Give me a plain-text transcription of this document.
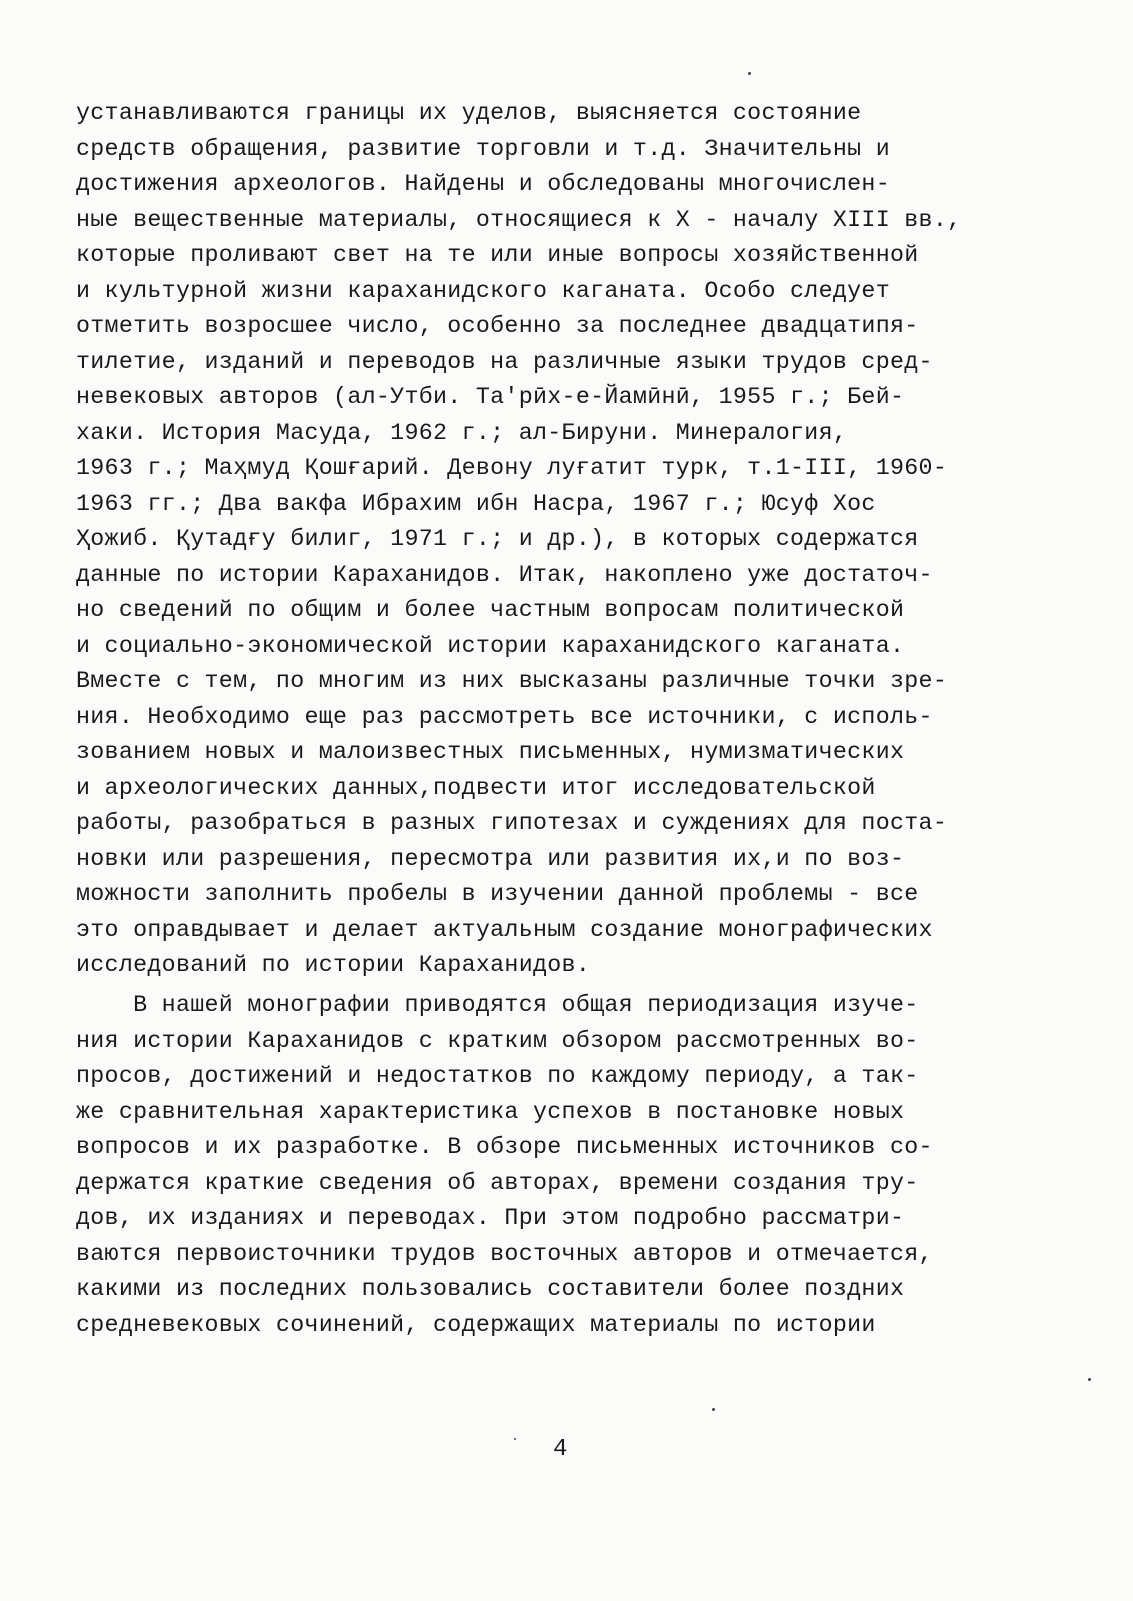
устанавливаются границы их уделов, выясняется состояние
средств обращения, развитие торговли и т.д. Значительны и
достижения археологов. Найдены и обследованы многочислен-
ные вещественные материалы, относящиеся к X - началу XIII вв.,
которые проливают свет на те или иные вопросы хозяйственной
и культурной жизни караханидского каганата. Особо следует
отметить возросшее число, особенно за последнее двадцатипя-
тилетие, изданий и переводов на различные языки трудов сред-
невековых авторов (ал-Утби. Та'рӣх-е-Йамӣнӣ, 1955 г.; Бей-
хаки. История Масуда, 1962 г.; ал-Бируни. Минералогия,
1963 г.; Маҳмуд Қошғарий. Девону луғатит турк, т.1-III, 1960-
1963 гг.; Два вакфа Ибрахим ибн Насра, 1967 г.; Юсуф Хос
Ҳожиб. Қутадғу билиг, 1971 г.; и др.), в которых содержатся
данные по истории Караханидов. Итак, накоплено уже достаточ-
но сведений по общим и более частным вопросам политической
и социально-экономической истории караханидского каганата.
Вместе с тем, по многим из них высказаны различные точки зре-
ния. Необходимо еще раз рассмотреть все источники, с исполь-
зованием новых и малоизвестных письменных, нумизматических
и археологических данных,подвести итог исследовательской
работы, разобраться в разных гипотезах и суждениях для поста-
новки или разрешения, пересмотра или развития их,и по воз-
можности заполнить пробелы в изучении данной проблемы - все
это оправдывает и делает актуальным создание монографических
исследований по истории Караханидов.
В нашей монографии приводятся общая периодизация изуче-
ния истории Караханидов с кратким обзором рассмотренных во-
просов, достижений и недостатков по каждому периоду, а так-
же сравнительная характеристика успехов в постановке новых
вопросов и их разработке. В обзоре письменных источников со-
держатся краткие сведения об авторах, времени создания тру-
дов, их изданиях и переводах. При этом подробно рассматри-
ваются первоисточники трудов восточных авторов и отмечается,
какими из последних пользовались составители более поздних
средневековых сочинений, содержащих материалы по истории
4
